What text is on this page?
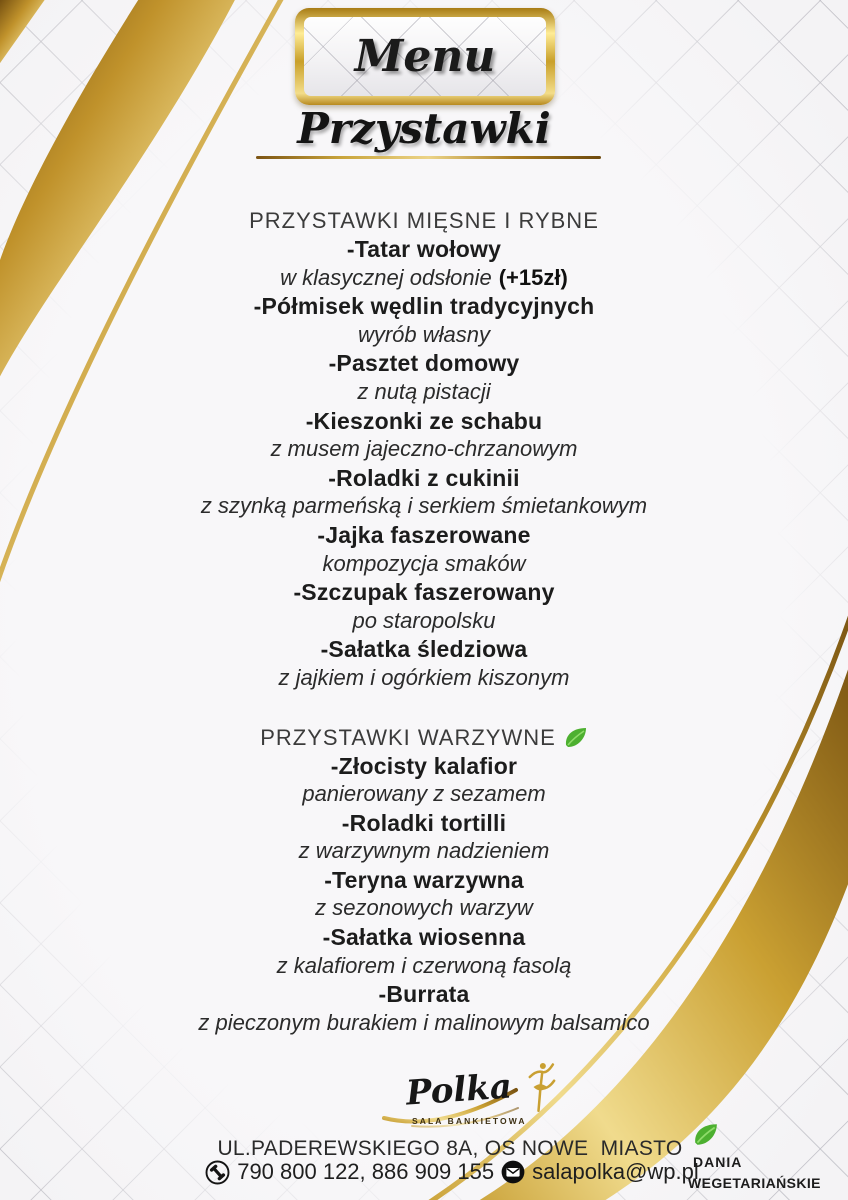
Menu
Przystawki
PRZYSTAWKI MIĘSNE I RYBNE
-Tatar wołowy
w klasycznej odsłonie (+15zł)
-Półmisek wędlin tradycyjnych
wyrób własny
-Pasztet domowy
z nutą pistacji
-Kieszonki ze schabu
z musem jajeczno-chrzanowym
-Roladki z cukinii
z szynką parmeńską i serkiem śmietankowym
-Jajka faszerowane
kompozycja smaków
-Szczupak faszerowany
po staropolsku
-Sałatka śledziowa
z jajkiem i ogórkiem kiszonym
PRZYSTAWKI WARZYWNE
-Złocisty kalafior
panierowany z sezamem
-Roladki tortilli
z warzywnym nadzieniem
-Teryna warzywna
z sezonowych warzyw
-Sałatka wiosenna
z kalafiorem i czerwoną fasolą
-Burrata
z pieczonym burakiem i malinowym balsamico
Polka
SALA BANKIETOWA
UL.PADEREWSKIEGO 8A, OS NOWE  MIASTO
790 800 122, 886 909 155 salapolka@wp.pl
DANIA
WEGETARIAŃSKIE
